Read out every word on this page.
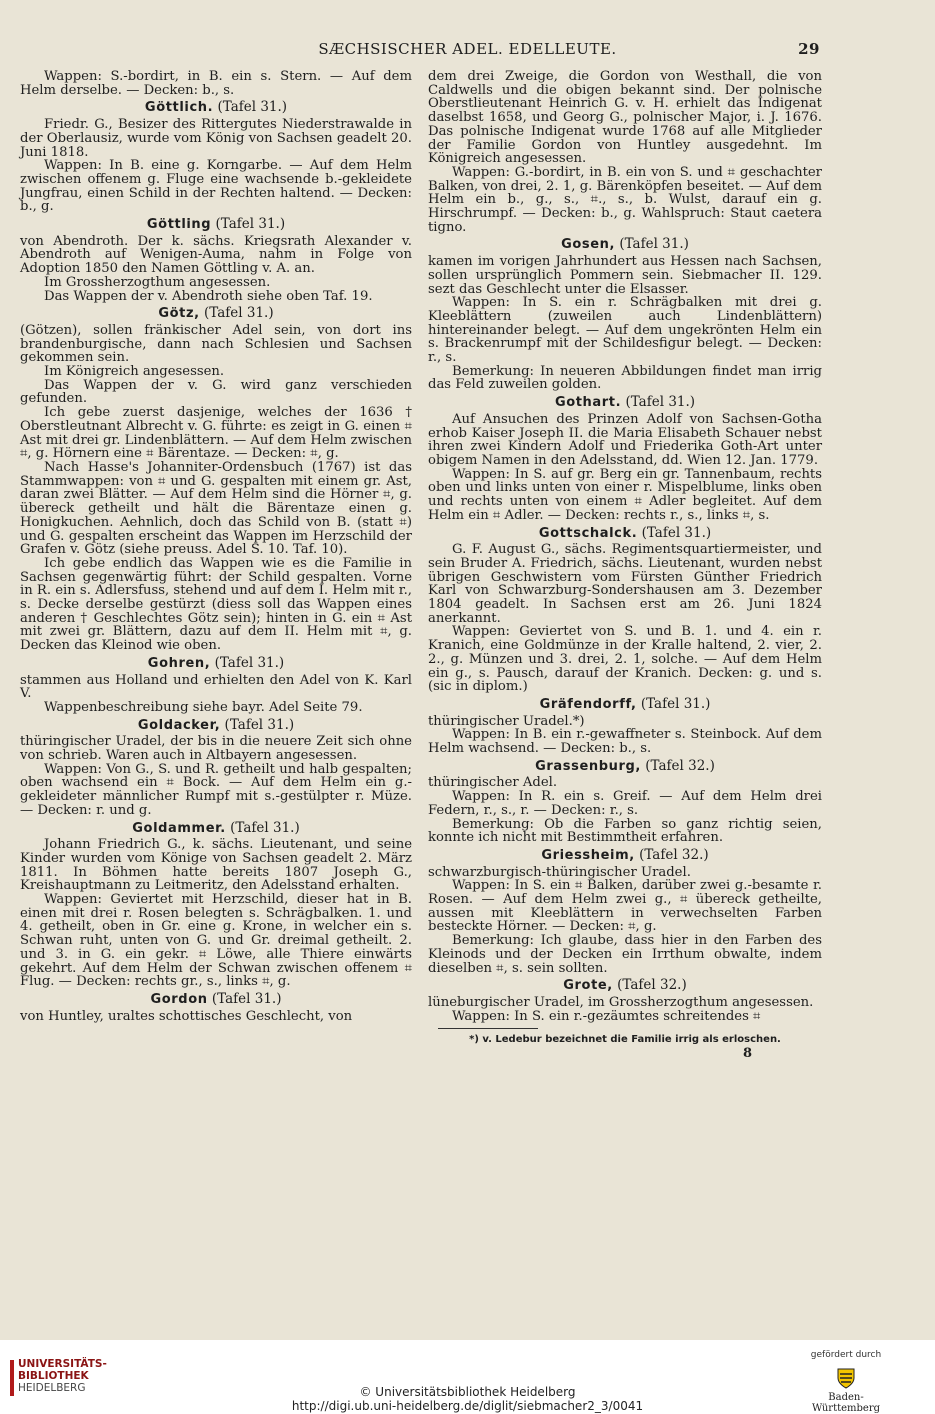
SÆCHSISCHER ADEL. EDELLEUTE.	29

Wappen: S.-bordirt, in B. ein s. Stern. — Auf dem Helm derselbe. — Decken: b., s.

Göttlich. (Tafel 31.)

Friedr. G., Besizer des Rittergutes Niederstrawalde in der Oberlausiz, wurde vom König von Sachsen geadelt 20. Juni 1818.

Wappen: In B. eine g. Korngarbe. — Auf dem Helm zwischen offenem g. Fluge eine wachsende b.-gekleidete Jungfrau, einen Schild in der Rechten haltend. — Decken: b., g.

Göttling (Tafel 31.)

von Abendroth. Der k. sächs. Kriegsrath Alexander v. Abendroth auf Wenigen-Auma, nahm in Folge von Adoption 1850 den Namen Göttling v. A. an.

Im Grossherzogthum angesessen.

Das Wappen der v. Abendroth siehe oben Taf. 19.

Götz, (Tafel 31.)

(Götzen), sollen fränkischer Adel sein, von dort ins brandenburgische, dann nach Schlesien und Sachsen gekommen sein.

Im Königreich angesessen.

Das Wappen der v. G. wird ganz verschieden gefunden.

Ich gebe zuerst dasjenige, welches der 1636 † Oberstleutnant Albrecht v. G. führte: es zeigt in G. einen ⌗ Ast mit drei gr. Lindenblättern. — Auf dem Helm zwischen ⌗, g. Hörnern eine ⌗ Bärentaze. — Decken: ⌗, g.

Nach Hasse's Johanniter-Ordensbuch (1767) ist das Stammwappen: von ⌗ und G. gespalten mit einem gr. Ast, daran zwei Blätter. — Auf dem Helm sind die Hörner ⌗, g. übereck getheilt und hält die Bärentaze einen g. Honigkuchen. Aehnlich, doch das Schild von B. (statt ⌗) und G. gespalten erscheint das Wappen im Herzschild der Grafen v. Götz (siehe preuss. Adel S. 10. Taf. 10).

Ich gebe endlich das Wappen wie es die Familie in Sachsen gegenwärtig führt: der Schild gespalten. Vorne in R. ein s. Adlersfuss, stehend und auf dem I. Helm mit r., s. Decke derselbe gestürzt (diess soll das Wappen eines anderen † Geschlechtes Götz sein); hinten in G. ein ⌗ Ast mit zwei gr. Blättern, dazu auf dem II. Helm mit ⌗, g. Decken das Kleinod wie oben.

Gohren, (Tafel 31.)

stammen aus Holland und erhielten den Adel von K. Karl V.

Wappenbeschreibung siehe bayr. Adel Seite 79.

Goldacker, (Tafel 31.)

thüringischer Uradel, der bis in die neuere Zeit sich ohne von schrieb. Waren auch in Altbayern angesessen.

Wappen: Von G., S. und R. getheilt und halb gespalten; oben wachsend ein ⌗ Bock. — Auf dem Helm ein g.-gekleideter männlicher Rumpf mit s.-gestülpter r. Müze. — Decken: r. und g.

Goldammer. (Tafel 31.)

Johann Friedrich G., k. sächs. Lieutenant, und seine Kinder wurden vom Könige von Sachsen geadelt 2. März 1811. In Böhmen hatte bereits 1807 Joseph G., Kreishauptmann zu Leitmeritz, den Adelsstand erhalten.

Wappen: Geviertet mit Herzschild, dieser hat in B. einen mit drei r. Rosen belegten s. Schrägbalken. 1. und 4. getheilt, oben in Gr. eine g. Krone, in welcher ein s. Schwan ruht, unten von G. und Gr. dreimal getheilt. 2. und 3. in G. ein gekr. ⌗ Löwe, alle Thiere einwärts gekehrt. Auf dem Helm der Schwan zwischen offenem ⌗ Flug. — Decken: rechts gr., s., links ⌗, g.

Gordon (Tafel 31.)

von Huntley, uraltes schottisches Geschlecht, von

dem drei Zweige, die Gordon von Westhall, die von Caldwells und die obigen bekannt sind. Der polnische Oberstlieutenant Heinrich G. v. H. erhielt das Indigenat daselbst 1658, und Georg G., polnischer Major, i. J. 1676. Das polnische Indigenat wurde 1768 auf alle Mitglieder der Familie Gordon von Huntley ausgedehnt. Im Königreich angesessen.

Wappen: G.-bordirt, in B. ein von S. und ⌗ geschachter Balken, von drei, 2. 1, g. Bärenköpfen beseitet. — Auf dem Helm ein b., g., s., ⌗., s., b. Wulst, darauf ein g. Hirschrumpf. — Decken: b., g. Wahlspruch: Staut caetera tigno.

Gosen, (Tafel 31.)

kamen im vorigen Jahrhundert aus Hessen nach Sachsen, sollen ursprünglich Pommern sein. Siebmacher II. 129. sezt das Geschlecht unter die Elsasser.

Wappen: In S. ein r. Schrägbalken mit drei g. Kleeblättern (zuweilen auch Lindenblättern) hintereinander belegt. — Auf dem ungekrönten Helm ein s. Brackenrumpf mit der Schildesfigur belegt. — Decken: r., s.

Bemerkung: In neueren Abbildungen findet man irrig das Feld zuweilen golden.

Gothart. (Tafel 31.)

Auf Ansuchen des Prinzen Adolf von Sachsen-Gotha erhob Kaiser Joseph II. die Maria Elisabeth Schauer nebst ihren zwei Kindern Adolf und Friederika Goth-Art unter obigem Namen in den Adelsstand, dd. Wien 12. Jan. 1779.

Wappen: In S. auf gr. Berg ein gr. Tannenbaum, rechts oben und links unten von einer r. Mispelblume, links oben und rechts unten von einem ⌗ Adler begleitet. Auf dem Helm ein ⌗ Adler. — Decken: rechts r., s., links ⌗, s.

Gottschalck. (Tafel 31.)

G. F. August G., sächs. Regimentsquartiermeister, und sein Bruder A. Friedrich, sächs. Lieutenant, wurden nebst übrigen Geschwistern vom Fürsten Günther Friedrich Karl von Schwarzburg-Sondershausen am 3. Dezember 1804 geadelt. In Sachsen erst am 26. Juni 1824 anerkannt.

Wappen: Geviertet von S. und B. 1. und 4. ein r. Kranich, eine Goldmünze in der Kralle haltend, 2. vier, 2. 2., g. Münzen und 3. drei, 2. 1, solche. — Auf dem Helm ein g., s. Pausch, darauf der Kranich. Decken: g. und s. (sic in diplom.)

Gräfendorff, (Tafel 31.)

thüringischer Uradel.*)

Wappen: In B. ein r.-gewaffneter s. Steinbock. Auf dem Helm wachsend. — Decken: b., s.

Grassenburg, (Tafel 32.)

thüringischer Adel.

Wappen: In R. ein s. Greif. — Auf dem Helm drei Federn, r., s., r. — Decken: r., s.

Bemerkung: Ob die Farben so ganz richtig seien, konnte ich nicht mit Bestimmtheit erfahren.

Griessheim, (Tafel 32.)

schwarzburgisch-thüringischer Uradel.

Wappen: In S. ein ⌗ Balken, darüber zwei g.-besamte r. Rosen. — Auf dem Helm zwei g., ⌗ übereck getheilte, aussen mit Kleeblättern in verwechselten Farben besteckte Hörner. — Decken: ⌗, g.

Bemerkung: Ich glaube, dass hier in den Farben des Kleinods und der Decken ein Irrthum obwalte, indem dieselben ⌗, s. sein sollten.

Grote, (Tafel 32.)

lüneburgischer Uradel, im Grossherzogthum angesessen.

Wappen: In S. ein r.-gezäumtes schreitendes ⌗

*) v. Ledebur bezeichnet die Familie irrig als erloschen.
8
UNIVERSITÄTS-
BIBLIOTHEK
HEIDELBERG	© Universitätsbibliothek Heidelberg
http://digi.ub.uni-heidelberg.de/diglit/siebmacher2_3/0041
gefördert durch
Baden-Württemberg
